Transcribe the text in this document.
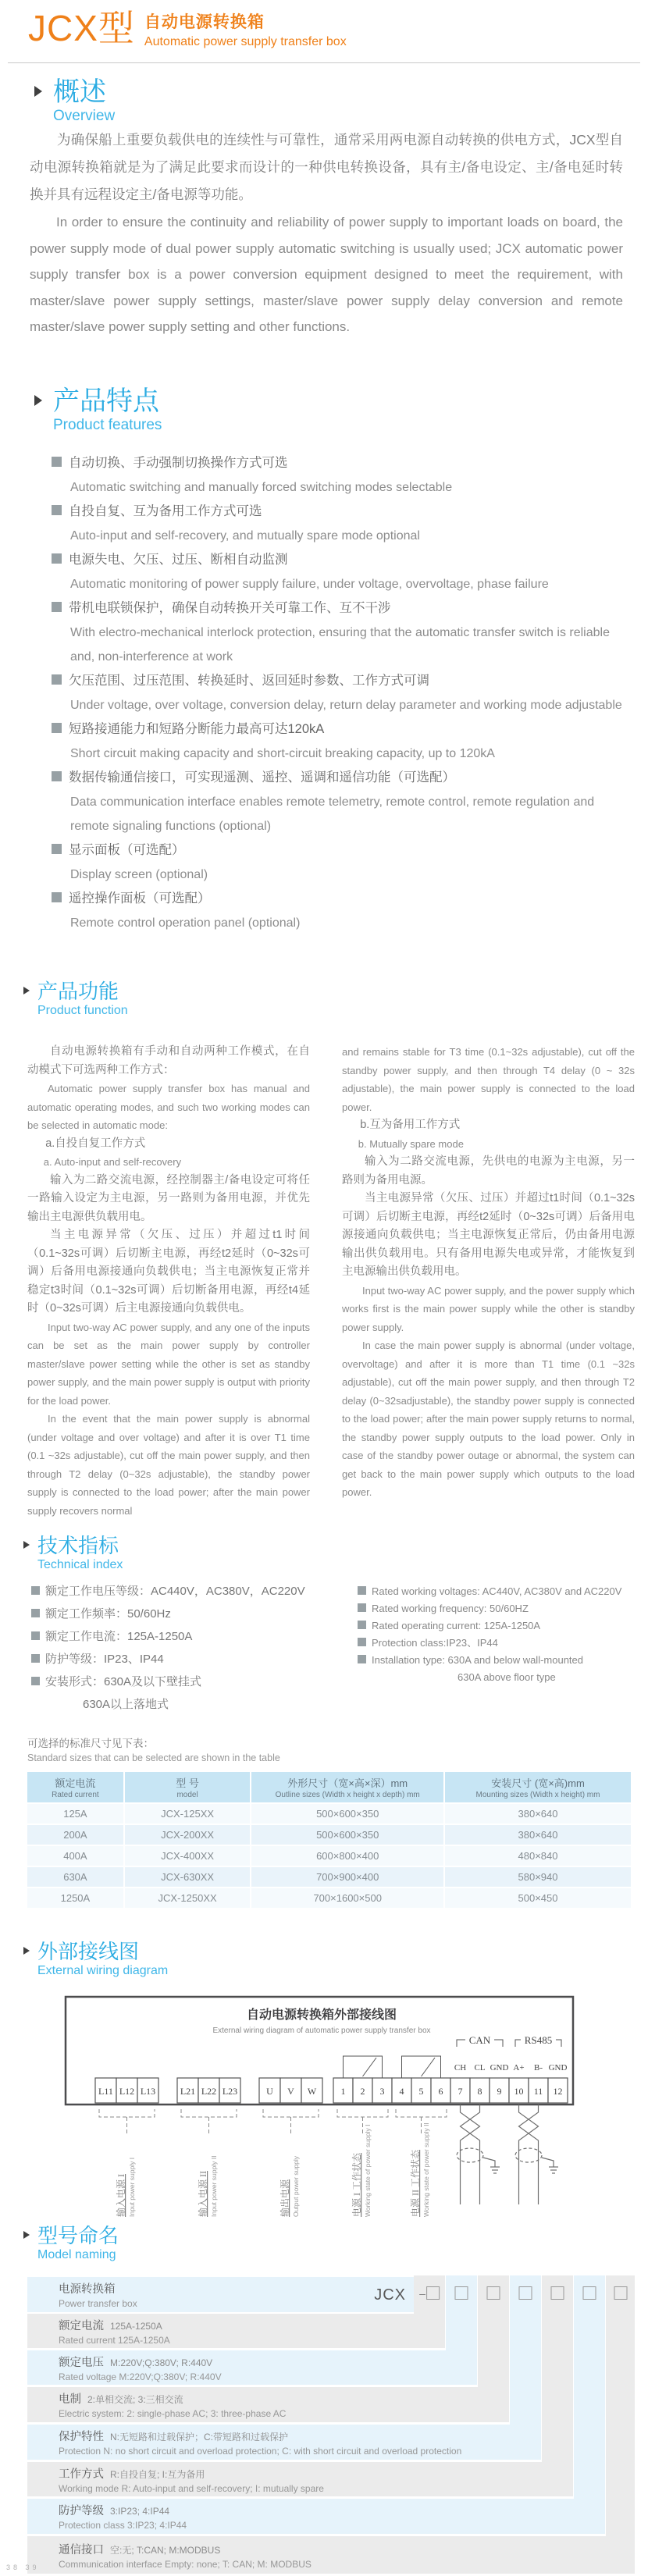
JCX型 自动电源转换箱
Automatic power supply transfer box
概述
Overview
为确保船上重要负载供电的连续性与可靠性，通常采用两电源自动转换的供电方式，JCX型自动电源转换箱就是为了满足此要求而设计的一种供电转换设备，具有主/备电设定、主/备电延时转换并具有远程设定主/备电源等功能。
In order to ensure the continuity and reliability of power supply to important loads on board, the power supply mode of dual power supply automatic switching is usually used; JCX automatic power supply transfer box is a power conversion equipment designed to meet the requirement, with master/slave power supply settings, master/slave power supply delay conversion and remote master/slave power supply setting and other functions.
产品特点
Product features
自动切换、手动强制切换操作方式可选
Automatic switching and manually forced switching modes selectable
自投自复、互为备用工作方式可选
Auto-input and self-recovery, and mutually spare mode optional
电源失电、欠压、过压、断相自动监测
Automatic monitoring of power supply failure, under voltage, overvoltage, phase failure
带机电联锁保护，确保自动转换开关可靠工作、互不干涉
With electro-mechanical interlock protection, ensuring that the automatic transfer switch is reliable and, non-interference at work
欠压范围、过压范围、转换延时、返回延时参数、工作方式可调
Under voltage, over voltage, conversion delay, return delay parameter and working mode adjustable
短路接通能力和短路分断能力最高可达120kA
Short circuit making capacity and short-circuit breaking capacity, up to 120kA
数据传输通信接口，可实现遥测、遥控、遥调和遥信功能（可选配）
Data communication interface enables remote telemetry, remote control, remote regulation and remote signaling functions (optional)
显示面板（可选配）
Display screen (optional)
遥控操作面板（可选配）
Remote control operation panel (optional)
产品功能
Product function

自动电源转换箱有手动和自动两种工作模式，在自动模式下可选两种工作方式：

Automatic power supply transfer box has manual and automatic operating modes, and such two working modes can be selected in automatic mode:

a.自投自复工作方式

a. Auto-input and self-recovery

输入为二路交流电源，经控制器主/备电设定可将任一路输入设定为主电源，另一路则为备用电源，并优先输出主电源供负载用电。

当主电源异常（欠压、过压）并超过t1时间（0.1~32s可调）后切断主电源，再经t2延时（0~32s可调）后备用电源接通向负载供电；当主电源恢复正常并稳定t3时间（0.1~32s可调）后切断备用电源，再经t4延时（0~32s可调）后主电源接通向负载供电。

Input two-way AC power supply, and any one of the inputs can be set as the main power supply by controller master/slave power setting while the other is set as standby power supply, and the main power supply is output with priority for the load power.

In the event that the main power supply is abnormal (under voltage and over voltage) and after it is over T1 time (0.1 ~32s adjustable), cut off the main power supply, and then through T2 delay (0~32s adjustable), the standby power supply is connected to the load power; after the main power supply recovers normal

and remains stable for T3 time (0.1~32s adjustable), cut off the standby power supply, and then through T4 delay (0 ~ 32s adjustable), the main power supply is connected to the load power.

b.互为备用工作方式

b. Mutually spare mode

输入为二路交流电源，先供电的电源为主电源，另一路则为备用电源。

当主电源异常（欠压、过压）并超过t1时间（0.1~32s可调）后切断主电源，再经t2延时（0~32s可调）后备用电源接通向负载供电；当主电源恢复正常后，仍由备用电源输出供负载用电。只有备用电源失电或异常，才能恢复到主电源输出供负载用电。

Input two-way AC power supply, and the power supply which works first is the main power supply while the other is standby power supply.

In case the main power supply is abnormal (under voltage, overvoltage) and after it is more than T1 time (0.1 ~32s adjustable), cut off the main power supply, and then through T2 delay (0~32sadjustable), the standby power supply is connected to the load power; after the main power supply returns to normal, the standby power supply outputs to the load power. Only in case of the standby power outage or abnormal, the system can get back to the main power supply which outputs to the load power.

技术指标
Technical index
额定工作电压等级：AC440V，AC380V，AC220V
额定工作频率：50/60Hz
额定工作电流：125A-1250A
防护等级：IP23、IP44
安装形式：630A及以下壁挂式
630A以上落地式
Rated working voltages: AC440V, AC380V and AC220V
Rated working frequency: 50/60HZ
Rated operating current: 125A-1250A
Protection class:IP23、IP44
Installation type: 630A and below wall-mounted
630A above floor type
可选择的标准尺寸见下表：
Standard sizes that can be selected are shown in the table
额定电流
Rated current	型 号
model	外形尺寸（宽×高×深）mm
Outline sizes (Width x height x depth) mm	安装尺寸 (宽×高)mm
Mounting sizes (Width x height) mm

125A	JCX-125XX	500×600×350	380×640
200A	JCX-200XX	500×600×350	380×640
400A	JCX-400XX	600×800×400	480×840
630A	JCX-630XX	700×900×400	580×940
1250A	JCX-1250XX	700×1600×500	500×450
外部接线图
External wiring diagram
自动电源转换箱外部接线图
External wiring diagram of automatic power supply transfer box
CAN	RS485
CH CL GND A+ B- GND
L11 L12 L13	L21 L22 L23	U V W	1 2 3 4 5 6 7 8 9 10 11 12
输入电源 I Input power supply I	输入电源 II Input power supply II	输出电源 Output power supply	电源 I 工作状态 Working state of power supply I	电源 II 工作状态 Working state of power supply II
型号命名
Model naming
–
电源转换箱
Power transfer box	JCX
额定电流 125A-1250A
Rated current 125A-1250A
额定电压 M:220V;Q:380V; R:440V
Rated voltage M:220V;Q:380V; R:440V
电制 2:单相交流; 3:三相交流
Electric system: 2: single-phase AC; 3: three-phase AC
保护特性 N:无短路和过载保护；C:带短路和过载保护
Protection N: no short circuit and overload protection; C: with short circuit and overload protection
工作方式 R:自投自复; I:互为备用
Working mode R: Auto-input and self-recovery; I: mutually spare
防护等级 3:IP23; 4:IP44
Protection class 3:IP23; 4:IP44
通信接口 空:无; T:CAN; M:MODBUS
Communication interface Empty: none; T: CAN; M: MODBUS
38 39
